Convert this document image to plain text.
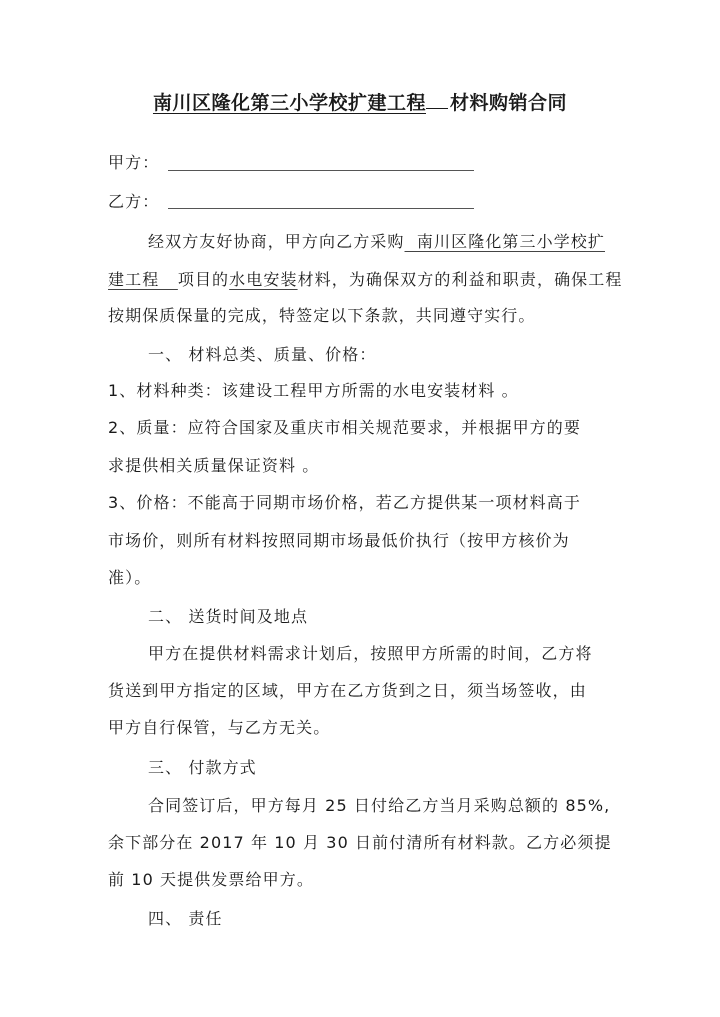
南川区隆化第三小学校扩建工程 材料购销合同
甲方：
乙方：
经双方友好协商，甲方向乙方采购  南川区隆化第三小学校扩
建工程   项目的水电安装材料，为确保双方的利益和职责，确保工程
按期保质保量的完成，特签定以下条款，共同遵守实行。
一、 材料总类、质量、价格：
1、材料种类：该建设工程甲方所需的水电安装材料 。
2、质量：应符合国家及重庆市相关规范要求，并根据甲方的要
求提供相关质量保证资料 。
3、价格：不能高于同期市场价格，若乙方提供某一项材料高于
市场价，则所有材料按照同期市场最低价执行（按甲方核价为
准）。
二、 送货时间及地点
甲方在提供材料需求计划后，按照甲方所需的时间，乙方将
货送到甲方指定的区域，甲方在乙方货到之日，须当场签收，由
甲方自行保管，与乙方无关。
三、 付款方式
合同签订后，甲方每月 25 日付给乙方当月采购总额的 85%,
余下部分在 2017 年 10 月 30 日前付清所有材料款。乙方必须提
前 10 天提供发票给甲方。
四、 责任
